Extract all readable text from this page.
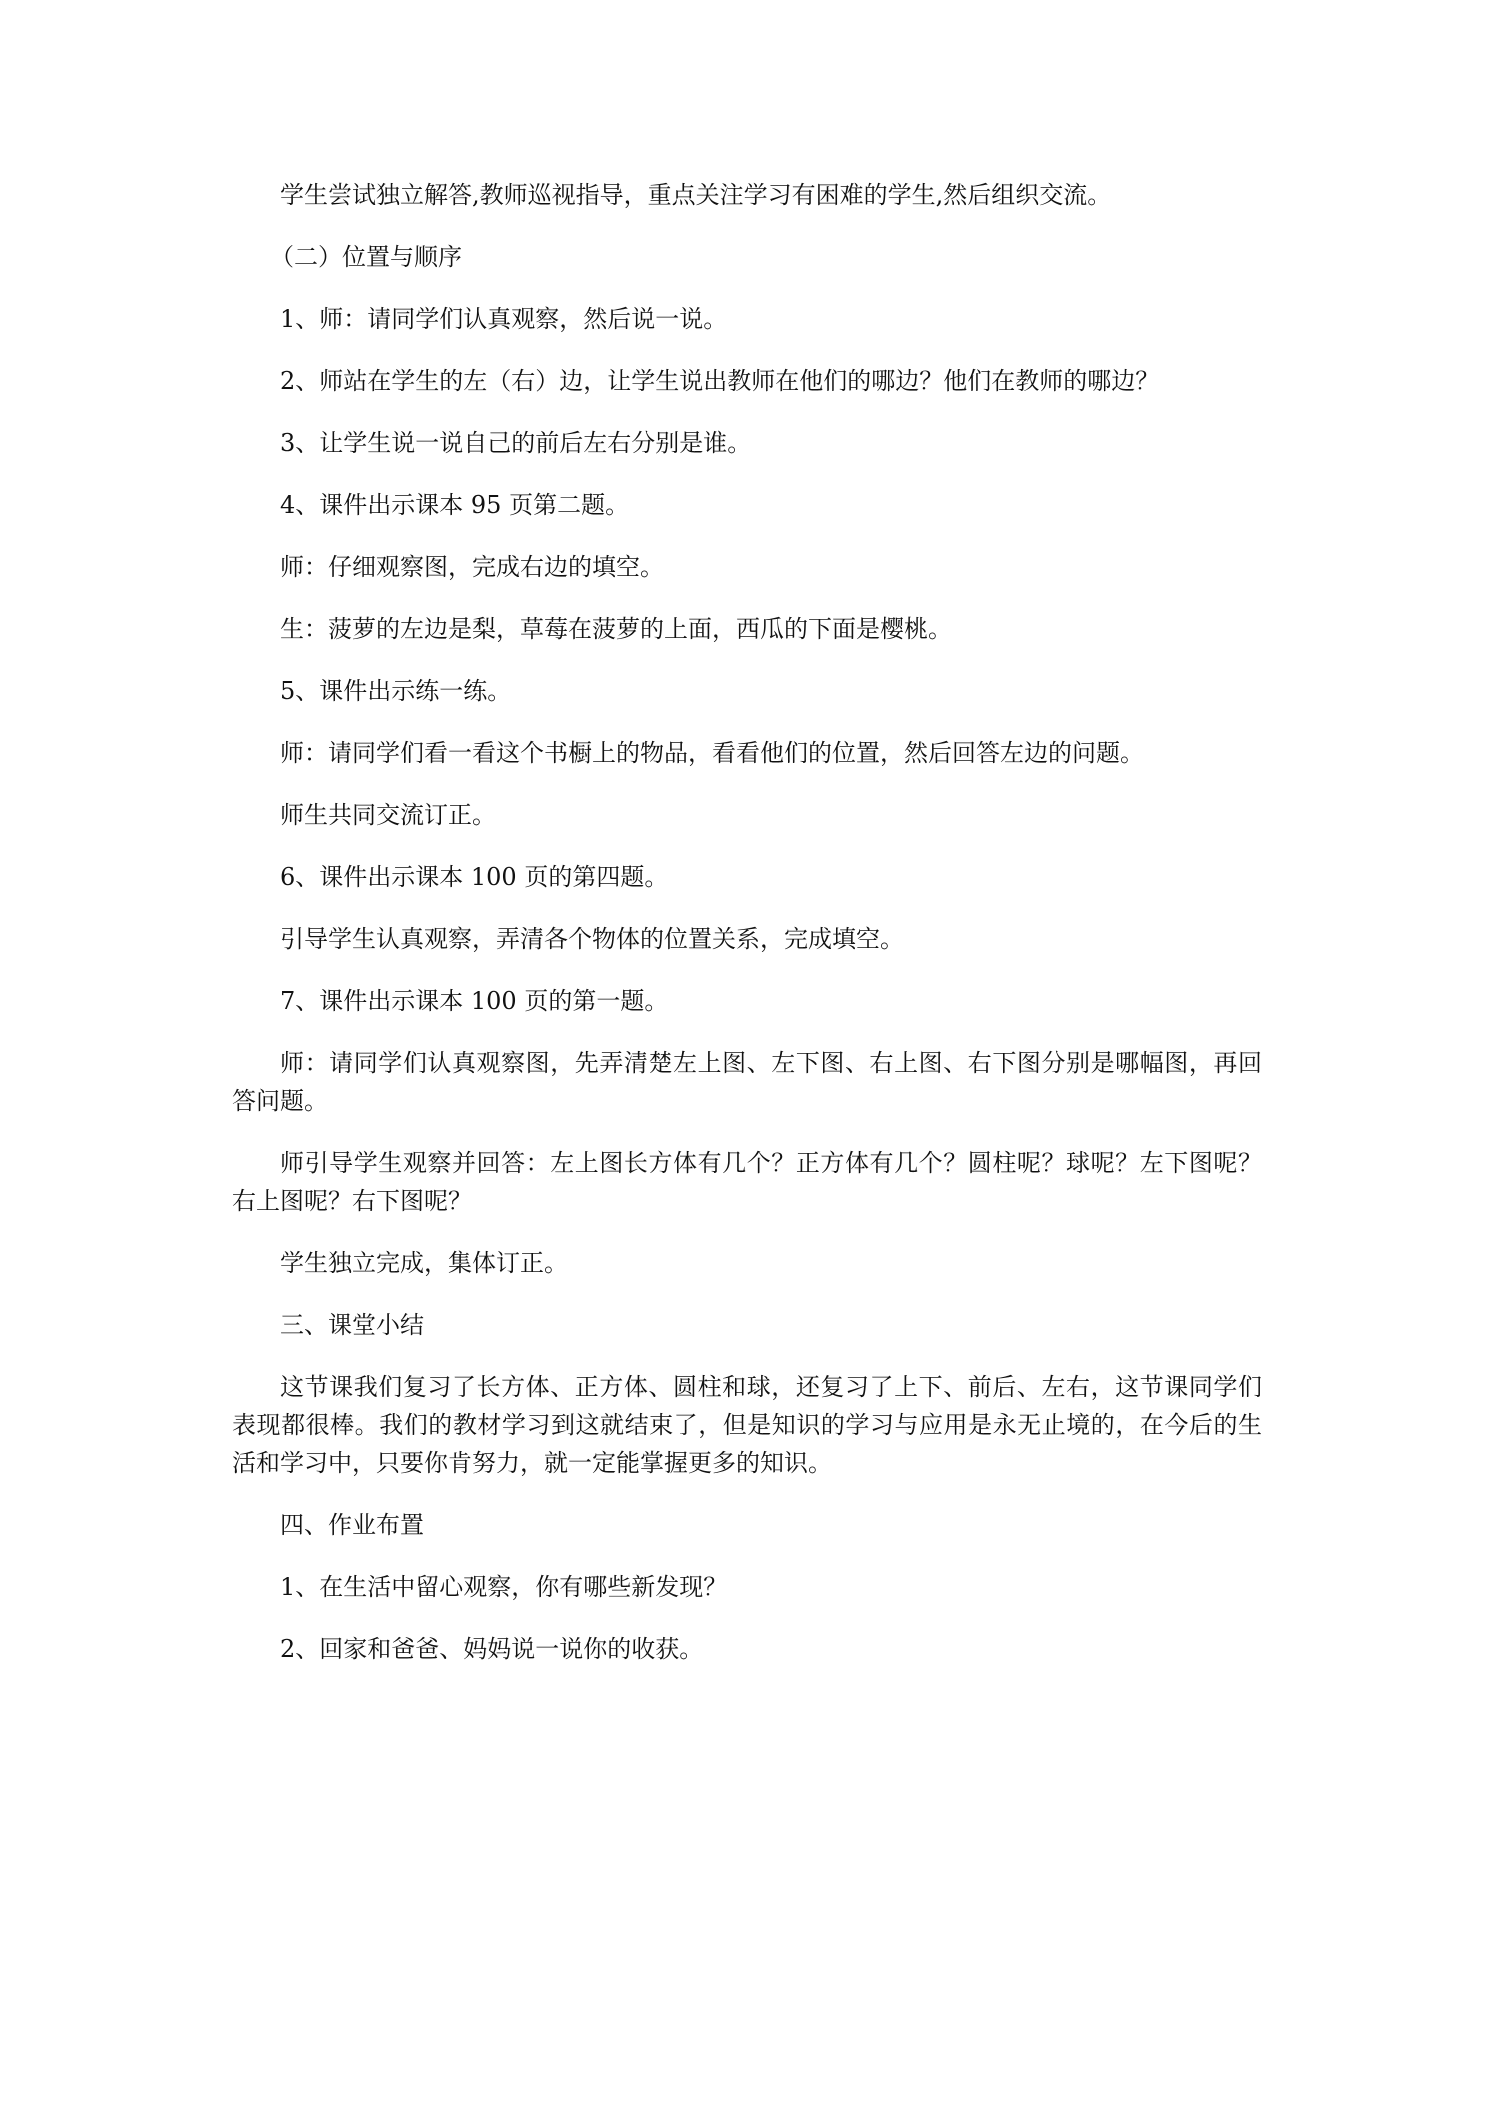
学生尝试独立解答,教师巡视指导，重点关注学习有困难的学生,然后组织交流。

（二）位置与顺序

1、师：请同学们认真观察，然后说一说。

2、师站在学生的左（右）边，让学生说出教师在他们的哪边？他们在教师的哪边？

3、让学生说一说自己的前后左右分别是谁。

4、课件出示课本 95 页第二题。

师：仔细观察图，完成右边的填空。

生：菠萝的左边是梨，草莓在菠萝的上面，西瓜的下面是樱桃。

5、课件出示练一练。

师：请同学们看一看这个书橱上的物品，看看他们的位置，然后回答左边的问题。

师生共同交流订正。

6、课件出示课本 100 页的第四题。

引导学生认真观察，弄清各个物体的位置关系，完成填空。

7、课件出示课本 100 页的第一题。

师：请同学们认真观察图，先弄清楚左上图、左下图、右上图、右下图分别是哪幅图，再回答问题。

师引导学生观察并回答：左上图长方体有几个？正方体有几个？圆柱呢？球呢？左下图呢？右上图呢？右下图呢？

学生独立完成，集体订正。

三、课堂小结

这节课我们复习了长方体、正方体、圆柱和球，还复习了上下、前后、左右，这节课同学们表现都很棒。我们的教材学习到这就结束了，但是知识的学习与应用是永无止境的，在今后的生活和学习中，只要你肯努力，就一定能掌握更多的知识。

四、作业布置

1、在生活中留心观察，你有哪些新发现？

2、回家和爸爸、妈妈说一说你的收获。
